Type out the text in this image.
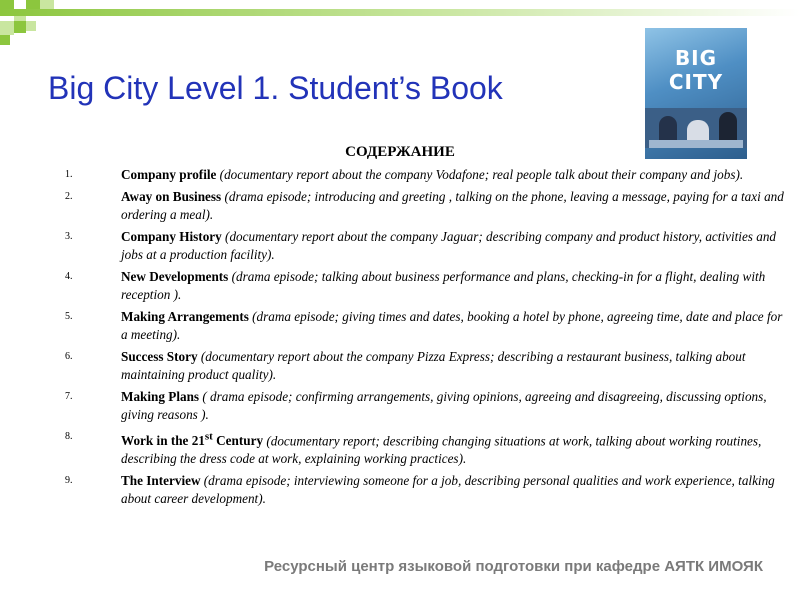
Big City Level 1. Student’s Book
BIG CITY
СОДЕРЖАНИЕ
1.	Company profile (documentary report about the company Vodafone; real people talk about their company and jobs).
2.	Away on Business (drama episode; introducing and greeting , talking on the phone, leaving a message, paying for a taxi and ordering a meal).
3.	Company History (documentary report about the company Jaguar; describing company and product history, activities and jobs at a production facility).
4.	New Developments (drama episode; talking about business performance and plans, checking-in for a flight, dealing with reception ).
5.	Making Arrangements (drama episode; giving times and dates, booking a hotel by phone, agreeing time, date and place for a meeting).
6.	Success Story (documentary report about the company Pizza Express; describing a restaurant business, talking about maintaining product quality).
7.	Making Plans ( drama episode; confirming arrangements, giving opinions, agreeing and disagreeing, discussing options, giving reasons ).
8.	Work in the 21st Century (documentary report; describing changing situations at work, talking about working routines, describing the dress code at work, explaining working practices).
9.	The Interview (drama episode; interviewing someone for a job, describing personal qualities and work experience, talking about career development).
Ресурсный центр языковой подготовки при кафедре АЯТК ИМОЯК
